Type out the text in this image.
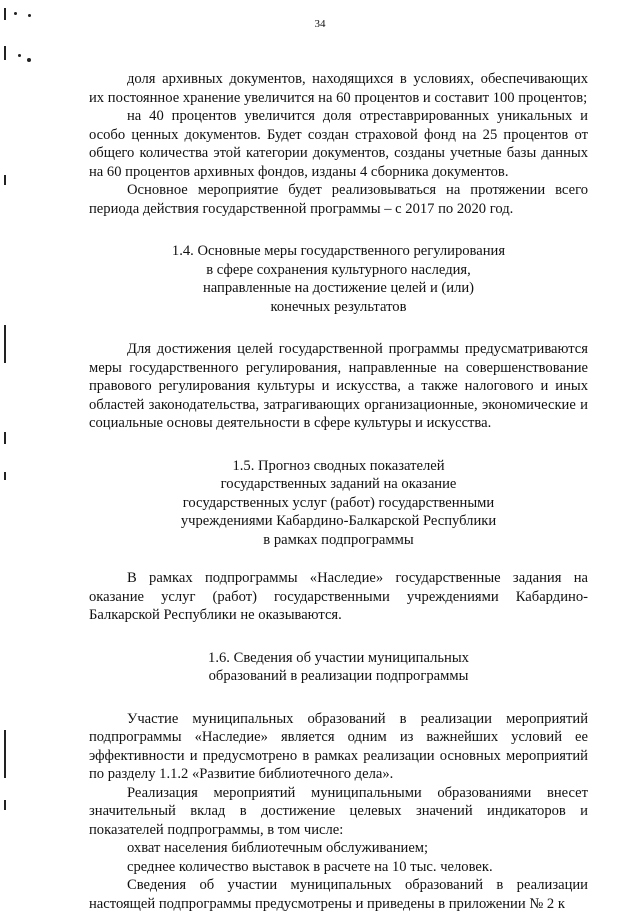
34

доля архивных документов, находящихся в условиях, обеспечивающих их постоянное хранение увеличится на 60 процентов и составит 100 процентов;

на 40 процентов увеличится доля отреставрированных уникальных и особо ценных документов. Будет создан страховой фонд на 25 процентов от общего количества этой категории документов, созданы учетные базы данных на 60 процентов архивных фондов, изданы 4 сборника документов.

Основное мероприятие будет реализовываться на протяжении всего периода действия государственной программы – с 2017 по 2020 год.

1.4. Основные меры государственного регулирования
в сфере сохранения культурного наследия,
направленные на достижение целей и (или)
конечных результатов

Для достижения целей государственной программы предусматриваются меры государственного регулирования, направленные на совершенствование правового регулирования культуры и искусства, а также налогового и иных областей законодательства, затрагивающих организационные, экономические и социальные основы деятельности в сфере культуры и искусства.

1.5. Прогноз сводных показателей
государственных заданий на оказание
государственных услуг (работ) государственными
учреждениями Кабардино-Балкарской Республики
в рамках подпрограммы

В рамках подпрограммы «Наследие» государственные задания на оказание услуг (работ) государственными учреждениями Кабардино-Балкарской Республики не оказываются.

1.6. Сведения об участии муниципальных
образований в реализации подпрограммы

Участие муниципальных образований в реализации мероприятий подпрограммы «Наследие» является одним из важнейших условий ее эффективности и предусмотрено в рамках реализации основных мероприятий по разделу 1.1.2 «Развитие библиотечного дела».

Реализация мероприятий муниципальными образованиями внесет значительный вклад в достижение целевых значений индикаторов и показателей подпрограммы, в том числе:

охват населения библиотечным обслуживанием;

среднее количество выставок в расчете на 10 тыс. человек.

Сведения об участии муниципальных образований в реализации настоящей подпрограммы предусмотрены и приведены в приложении № 2 к
